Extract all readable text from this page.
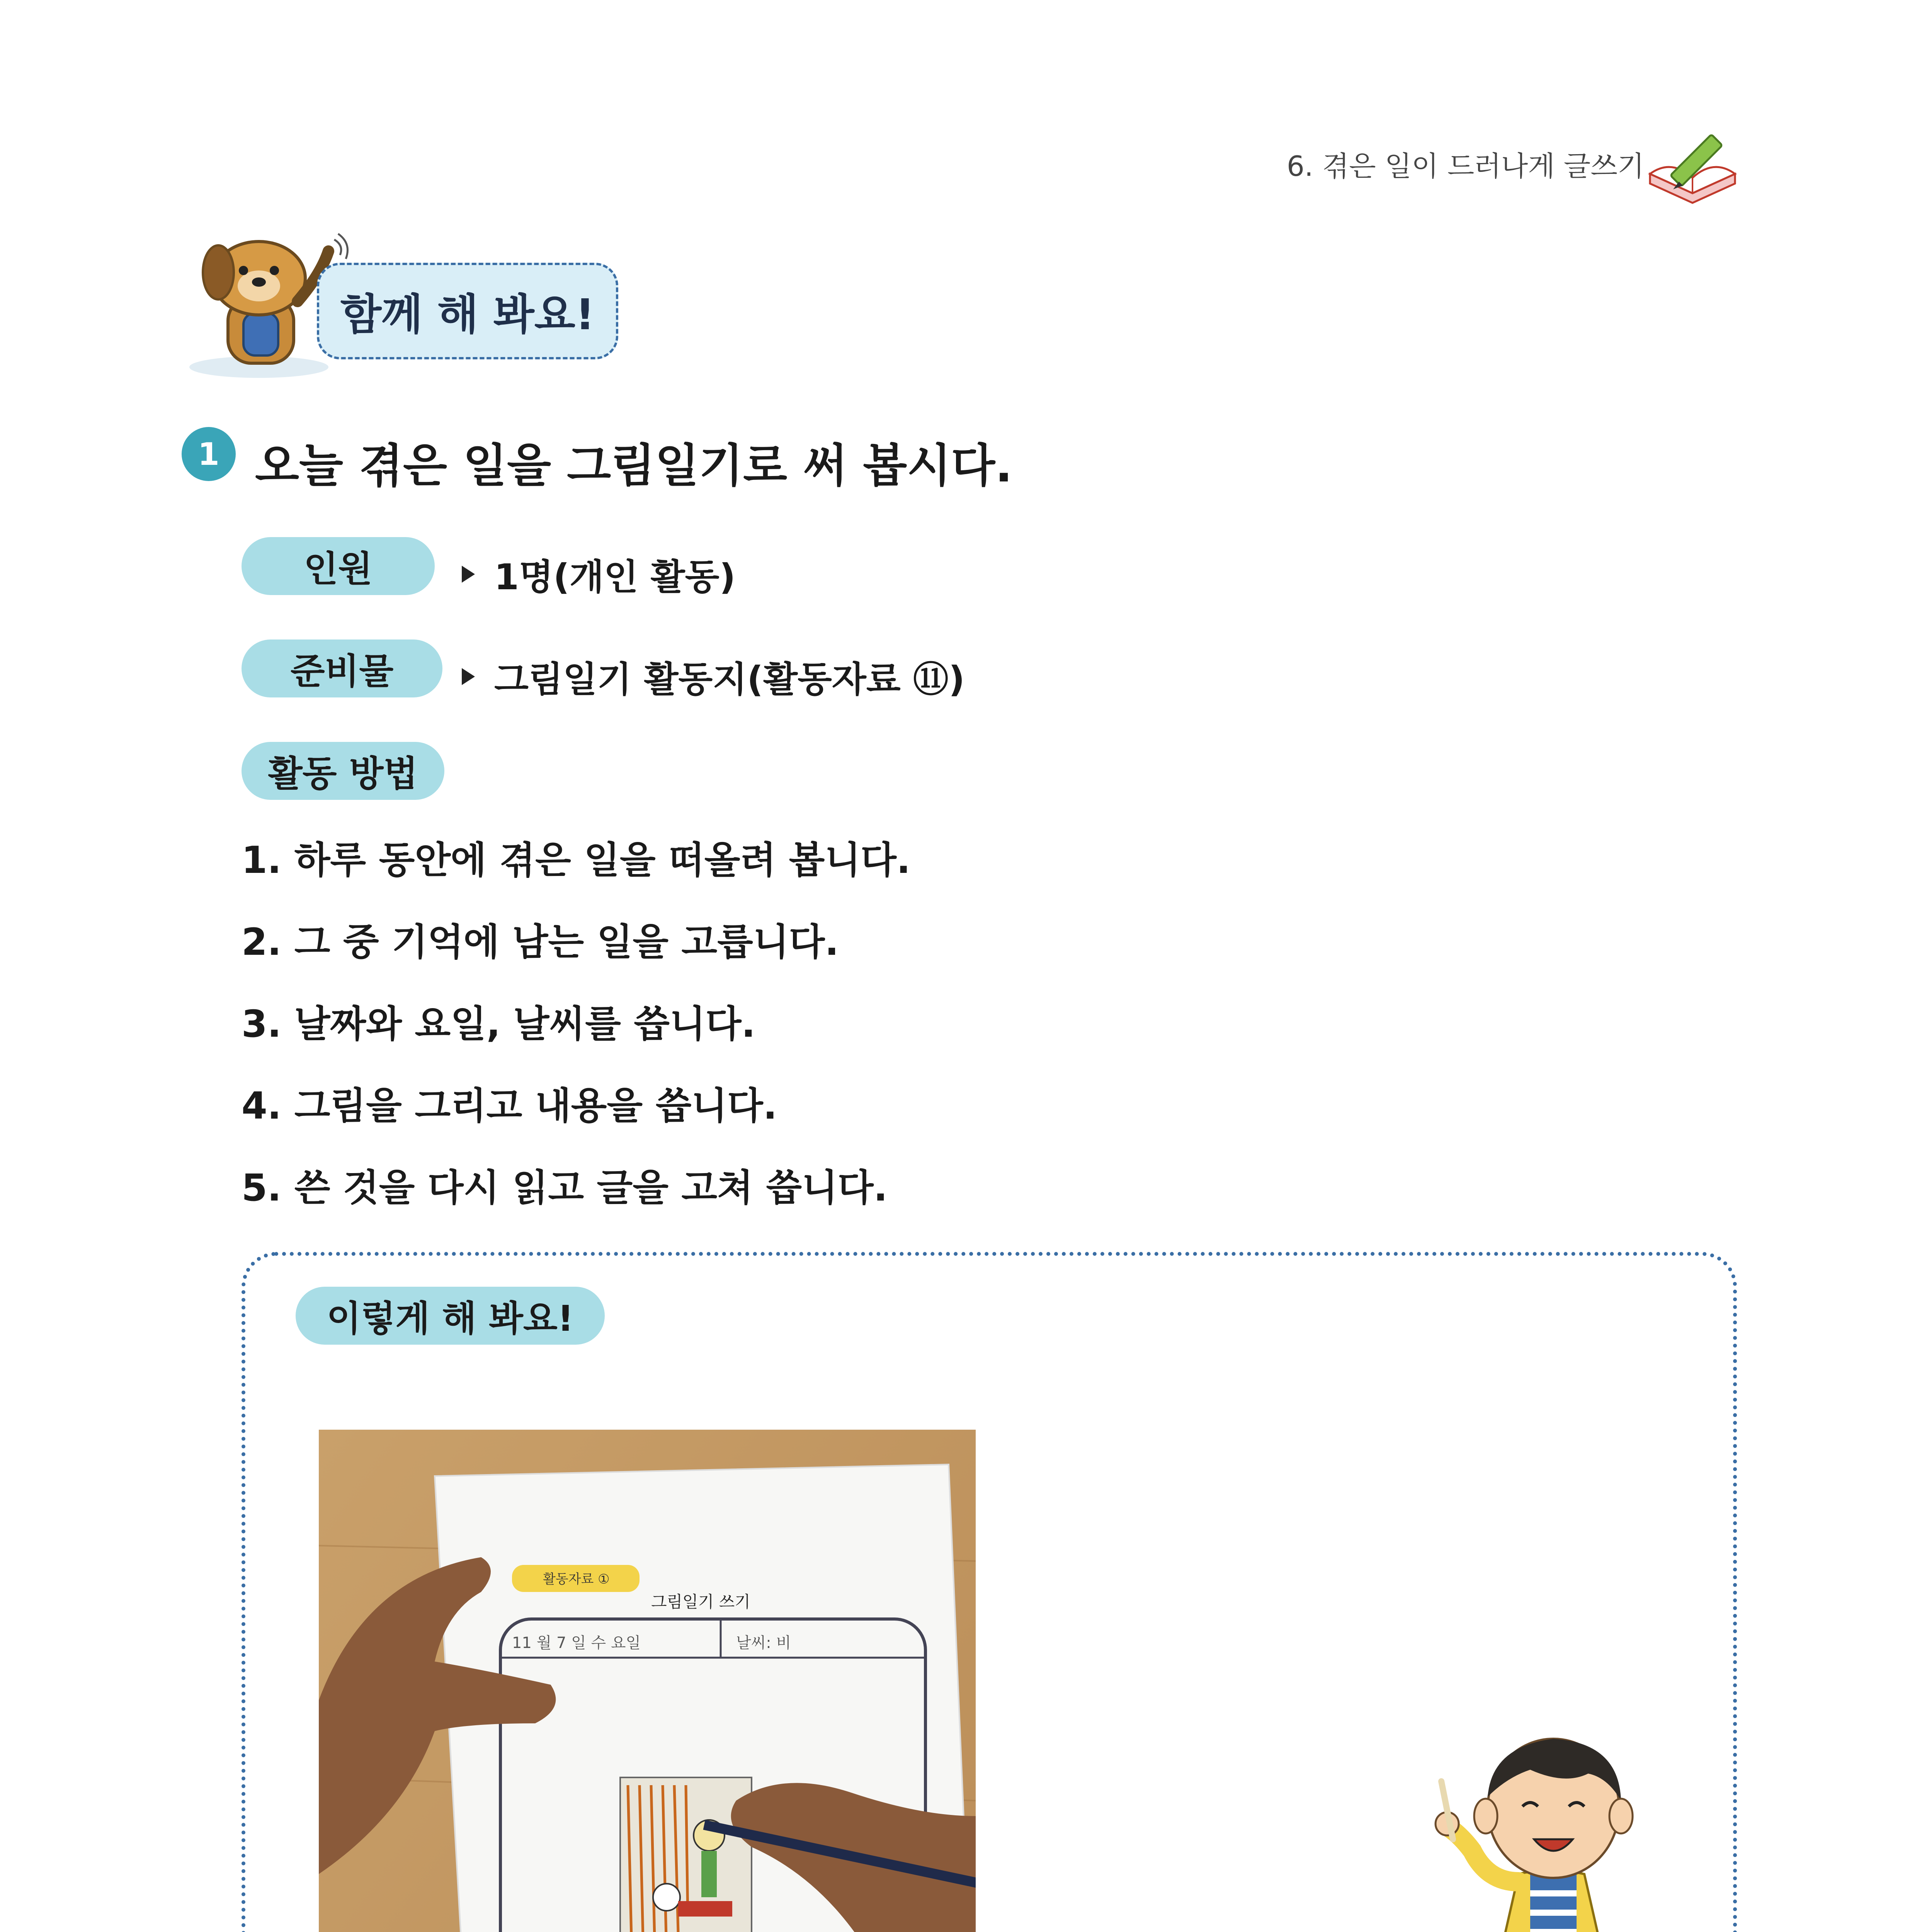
6. 겪은 일이 드러나게 글쓰기
함께 해 봐요!
1 오늘 겪은 일을 그림일기로 써 봅시다.
인원	1명(개인 활동)
준비물	그림일기 활동지(활동자료 ⑪)
활동 방법
1. 하루 동안에 겪은 일을 떠올려 봅니다.
2. 그 중 기억에 남는 일을 고릅니다.
3. 날짜와 요일, 날씨를 씁니다.
4. 그림을 그리고 내용을 씁니다.
5. 쓴 것을 다시 읽고 글을 고쳐 씁니다.
이렇게 해 봐요!
활동자료 ①
그림일기 쓰기
11 월 7 일 수 요일	날씨: 비
